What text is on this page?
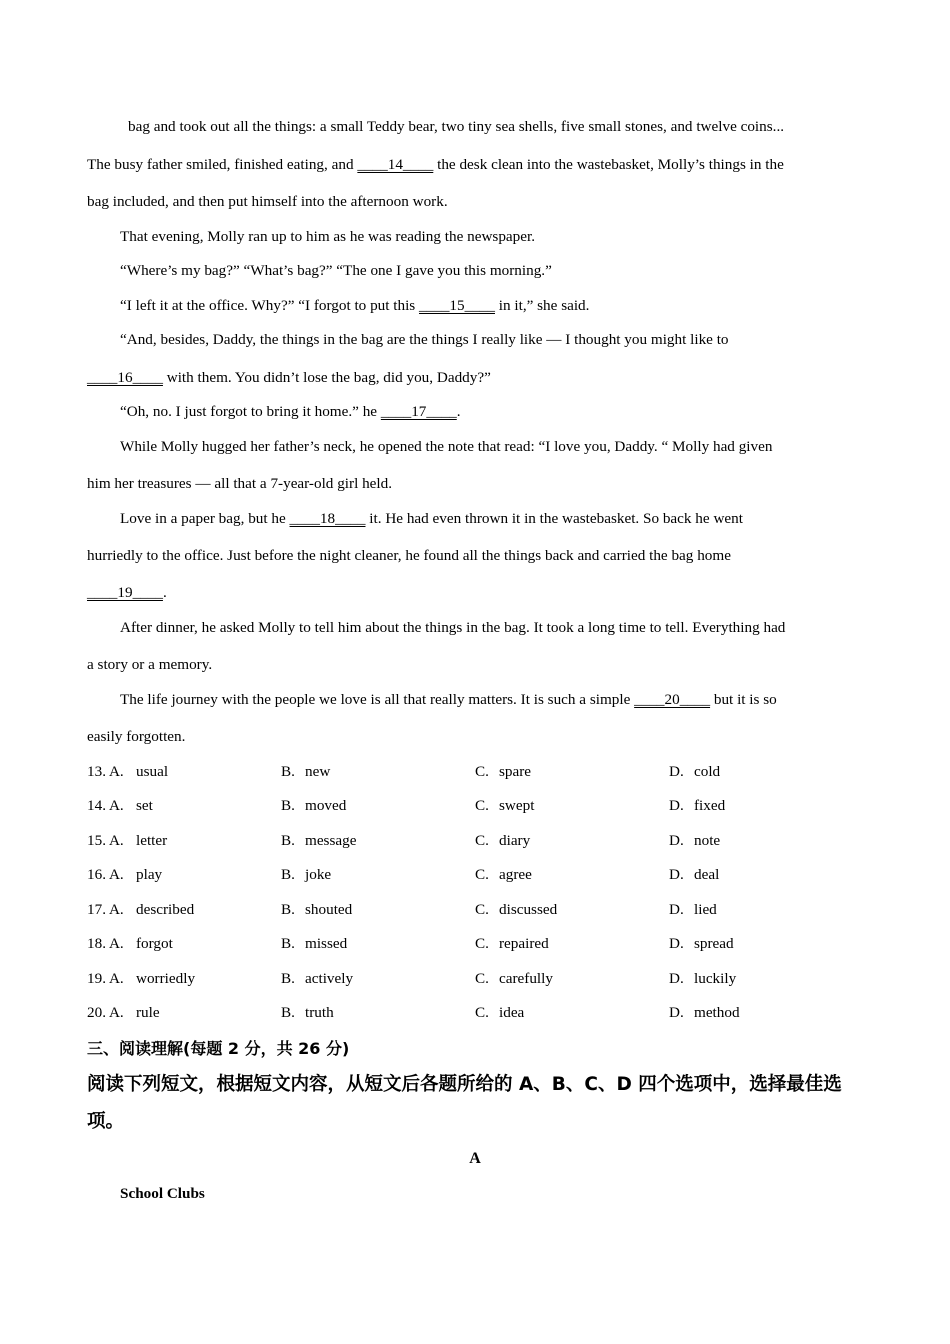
bag and took out all the things: a small Teddy bear, two tiny sea shells, five small stones, and twelve coins...
The busy father smiled, finished eating, and ____14____ the desk clean into the wastebasket, Molly’s things in the
bag included, and then put himself into the afternoon work.
That evening, Molly ran up to him as he was reading the newspaper.
“Where’s my bag?” “What’s bag?” “The one I gave you this morning.”
“I left it at the office. Why?” “I forgot to put this ____15____ in it,” she said.
“And, besides, Daddy, the things in the bag are the things I really like — I thought you might like to
____16____ with them. You didn’t lose the bag, did you, Daddy?”
“Oh, no. I just forgot to bring it home.” he ____17____.
While Molly hugged her father’s neck, he opened the note that read: “I love you, Daddy. “ Molly had given
him her treasures — all that a 7-year-old girl held.
Love in a paper bag, but he ____18____ it. He had even thrown it in the wastebasket. So back he went
hurriedly to the office. Just before the night cleaner, he found all the things back and carried the bag home
____19____.
After dinner, he asked Molly to tell him about the things in the bag. It took a long time to tell. Everything had
a story or a memory.
The life journey with the people we love is all that really matters. It is such a simple ____20____ but it is so
easily forgotten.
13. A. usual	B. new	C. spare	D. cold
14. A. set	B. moved	C. swept	D. fixed
15. A. letter	B. message	C. diary	D. note
16. A. play	B. joke	C. agree	D. deal
17. A. described	B. shouted	C. discussed	D. lied
18. A. forgot	B. missed	C. repaired	D. spread
19. A. worriedly	B. actively	C. carefully	D. luckily
20. A. rule	B. truth	C. idea	D. method
三、阅读理解(每题 2 分，共 26 分)
阅读下列短文，根据短文内容，从短文后各题所给的 A、B、C、D 四个选项中，选择最佳选
项。
A
School Clubs
